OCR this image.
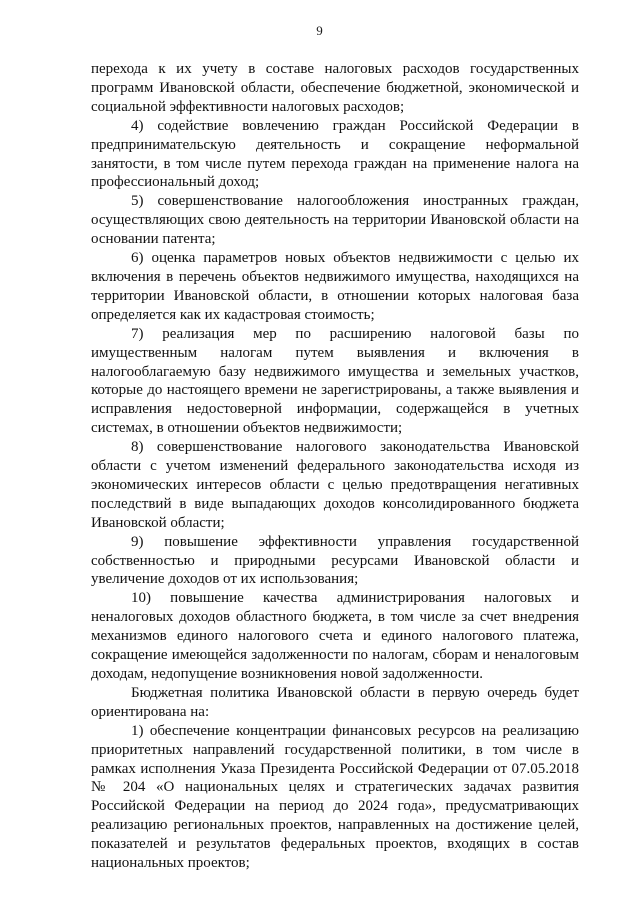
9

перехода к их учету в составе налоговых расходов государственных программ Ивановской области, обеспечение бюджетной, экономической и социальной эффективности налоговых расходов;

4) содействие вовлечению граждан Российской Федерации в предпринимательскую деятельность и сокращение неформальной занятости, в том числе путем перехода граждан на применение налога на профессиональный доход;

5) совершенствование налогообложения иностранных граждан, осуществляющих свою деятельность на территории Ивановской области на основании патента;

6) оценка параметров новых объектов недвижимости с целью их включения в перечень объектов недвижимого имущества, находящихся на территории Ивановской области, в отношении которых налоговая база определяется как их кадастровая стоимость;

7) реализация мер по расширению налоговой базы по имущественным налогам путем выявления и включения в налогооблагаемую базу недвижимого имущества и земельных участков, которые до настоящего времени не зарегистрированы, а также выявления и исправления недостоверной информации, содержащейся в учетных системах, в отношении объектов недвижимости;

8) совершенствование налогового законодательства Ивановской области с учетом изменений федерального законодательства исходя из экономических интересов области с целью предотвращения негативных последствий в виде выпадающих доходов консолидированного бюджета Ивановской области;

9) повышение эффективности управления государственной собственностью и природными ресурсами Ивановской области и увеличение доходов от их использования;

10) повышение качества администрирования налоговых и неналоговых доходов областного бюджета, в том числе за счет внедрения механизмов единого налогового счета и единого налогового платежа, сокращение имеющейся задолженности по налогам, сборам и неналоговым доходам, недопущение возникновения новой задолженности.

Бюджетная политика Ивановской области в первую очередь будет ориентирована на:

1) обеспечение концентрации финансовых ресурсов на реализацию приоритетных направлений государственной политики, в том числе в рамках исполнения Указа Президента Российской Федерации от 07.05.2018 № 204 «О национальных целях и стратегических задачах развития Российской Федерации на период до 2024 года», предусматривающих реализацию региональных проектов, направленных на достижение целей, показателей и результатов федеральных проектов, входящих в состав национальных проектов;
